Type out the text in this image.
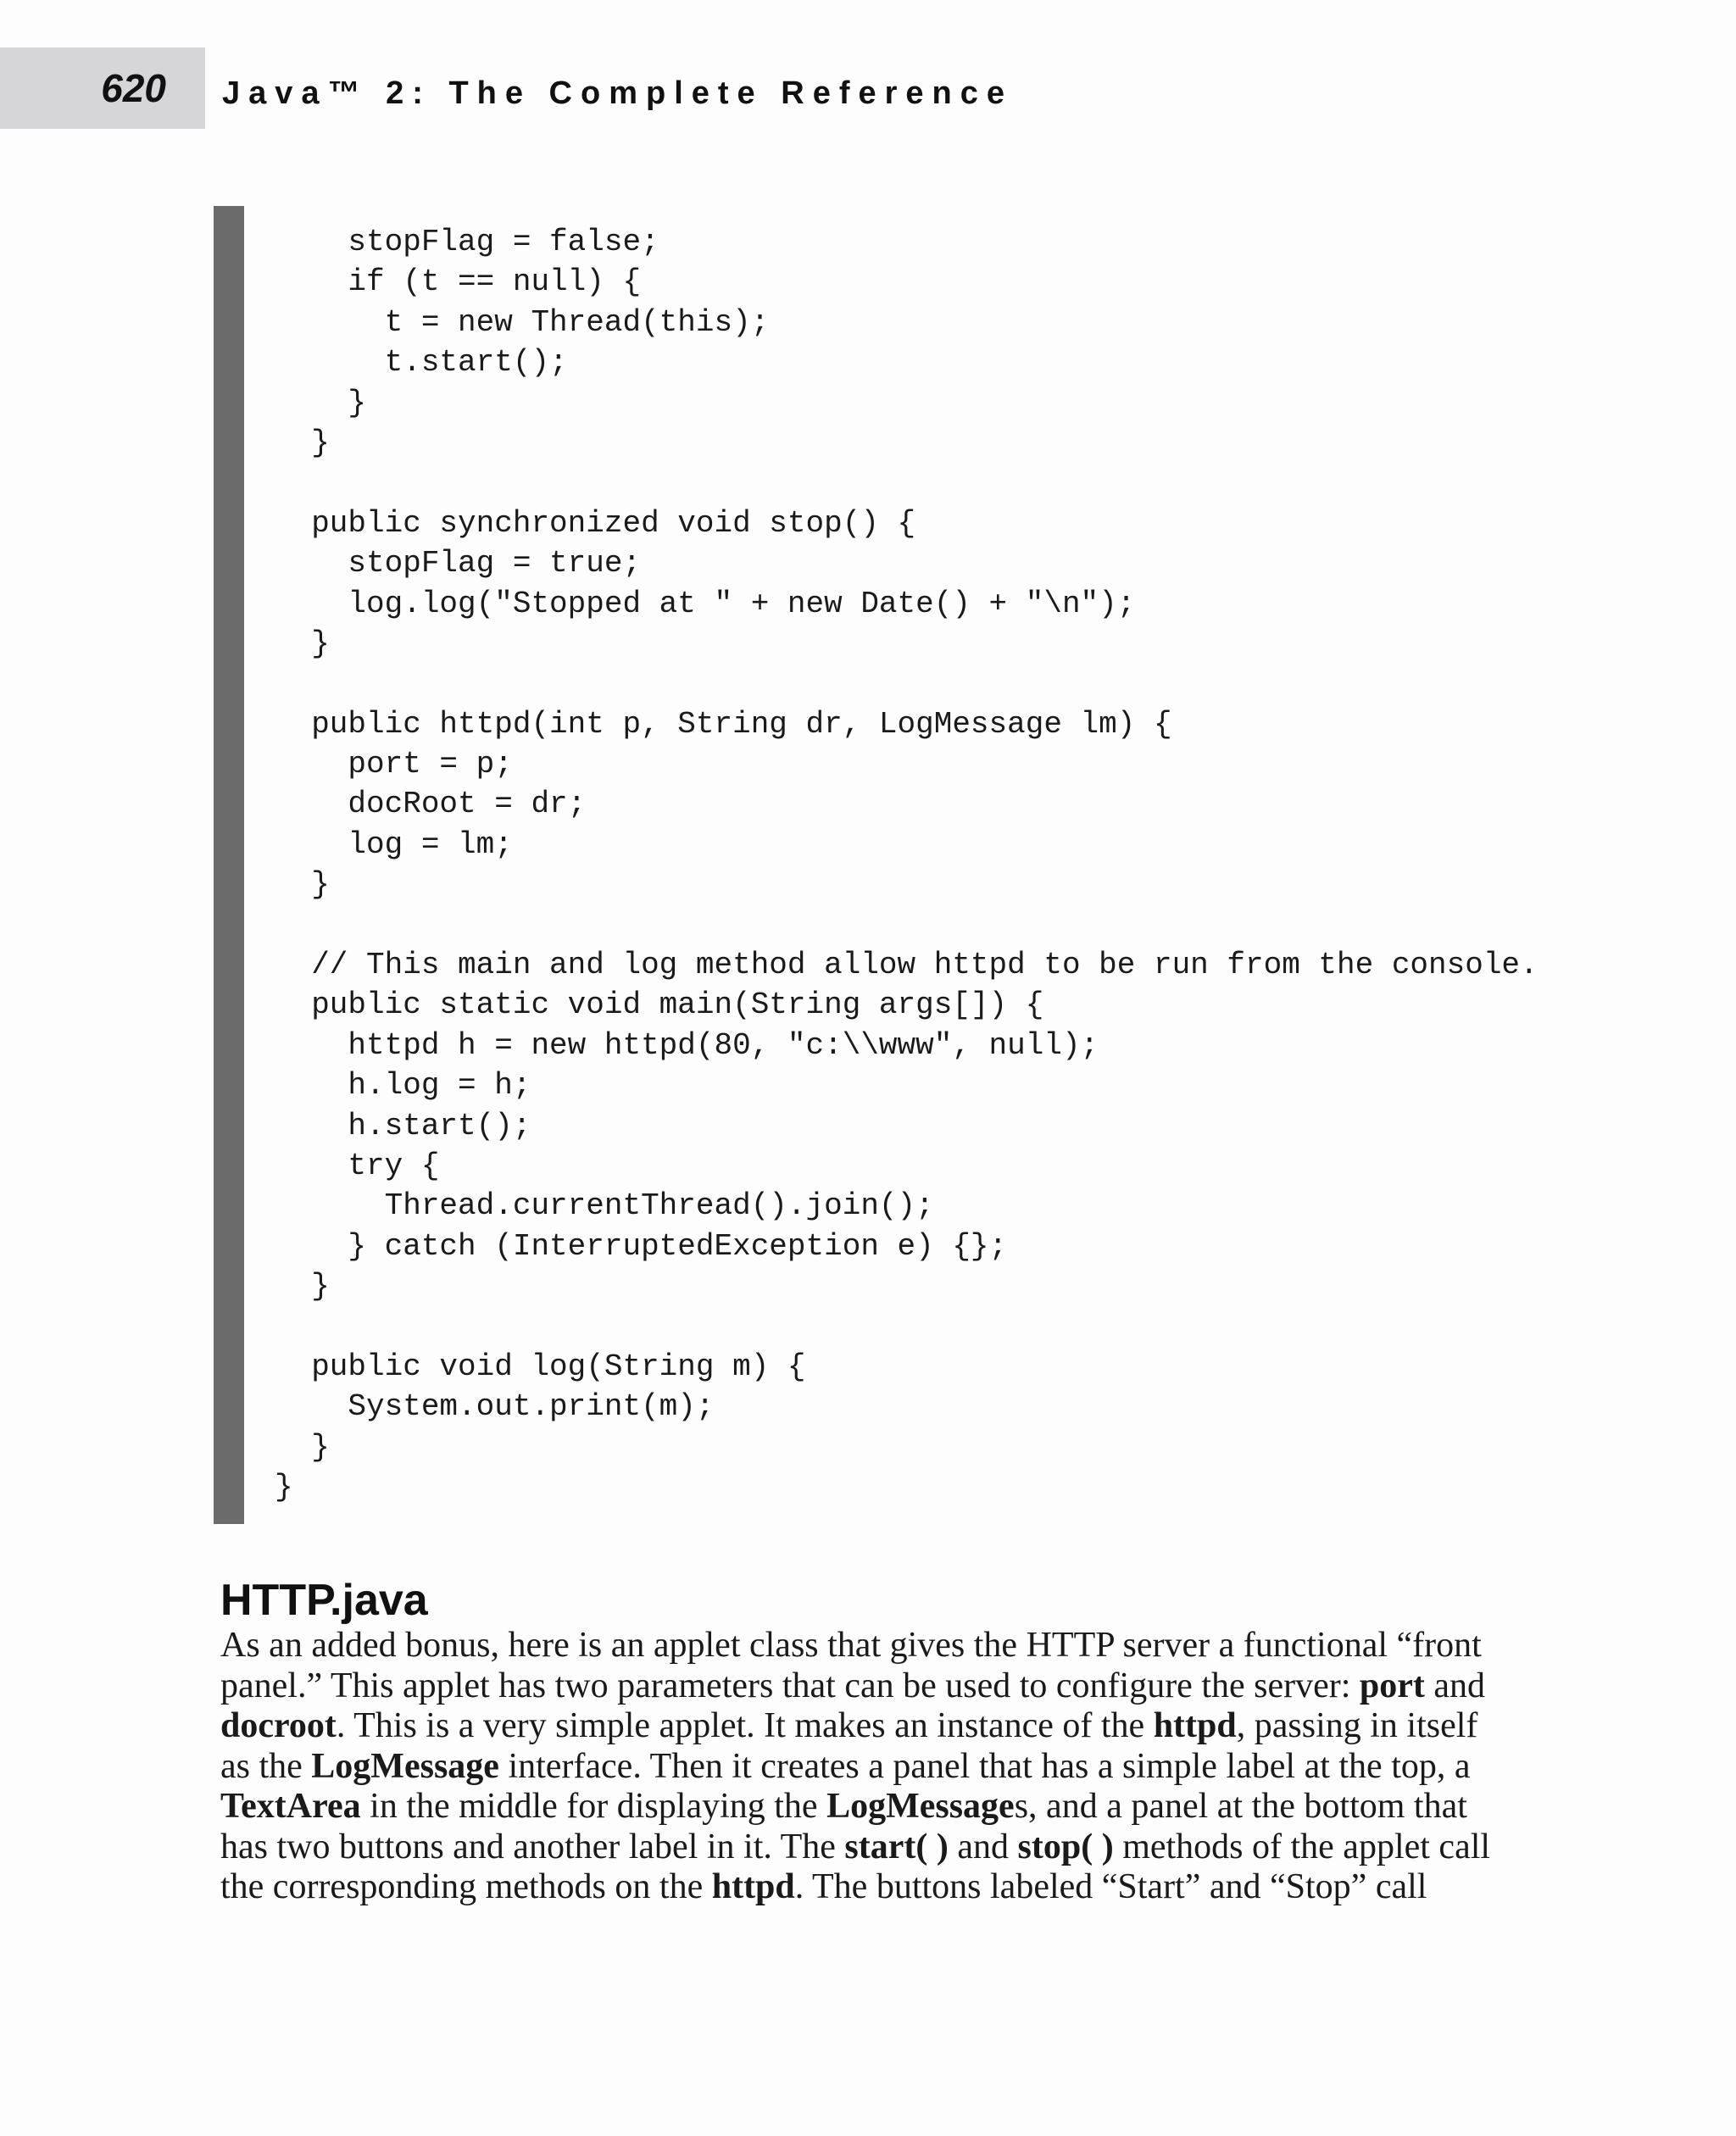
620 Java™ 2: The Complete Reference
stopFlag = false;
if (t == null) {
t = new Thread(this);
t.start();
}
}
public synchronized void stop() {
stopFlag = true;
log.log("Stopped at " + new Date() + "\n");
}
public httpd(int p, String dr, LogMessage lm) {
port = p;
docRoot = dr;
log = lm;
}
// This main and log method allow httpd to be run from the console.
public static void main(String args[]) {
httpd h = new httpd(80, "c:\\www", null);
h.log = h;
h.start();
try {
Thread.currentThread().join();
} catch (InterruptedException e) {};
}
public void log(String m) {
System.out.print(m);
}
}
HTTP.java
As an added bonus, here is an applet class that gives the HTTP server a functional “front
panel.” This applet has two parameters that can be used to configure the server: port and
docroot. This is a very simple applet. It makes an instance of the httpd, passing in itself
as the LogMessage interface. Then it creates a panel that has a simple label at the top, a
TextArea in the middle for displaying the LogMessages, and a panel at the bottom that
has two buttons and another label in it. The start( ) and stop( ) methods of the applet call
the corresponding methods on the httpd. The buttons labeled “Start” and “Stop” call
